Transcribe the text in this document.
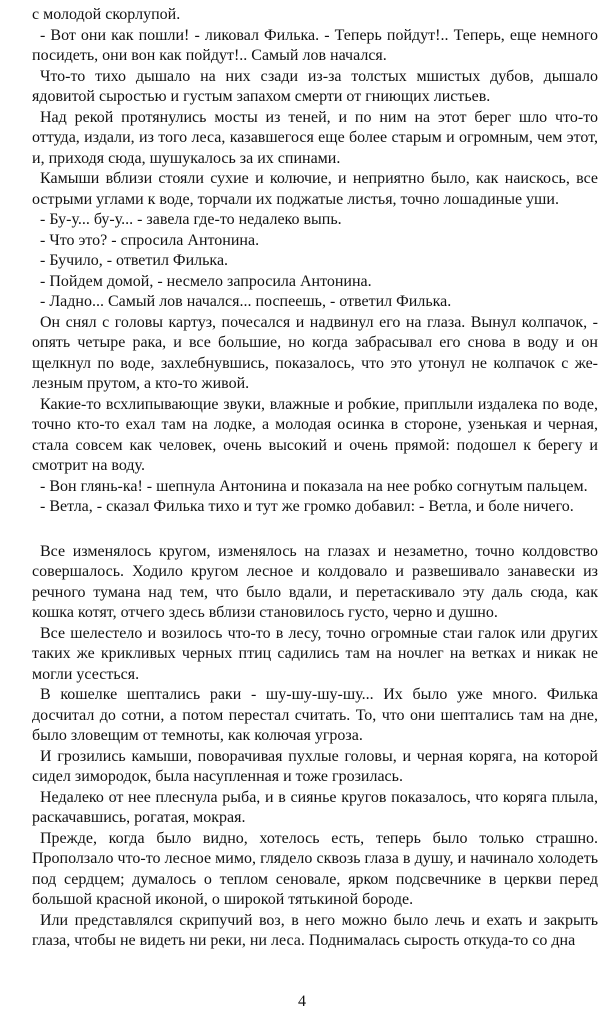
с молодой скорлупой.

- Вот они как пошли! - ликовал Филька. - Теперь пойдут!.. Теперь, еще немного посидеть, они вон как пойдут!.. Самый лов начался.

Что-то тихо дышало на них сзади из-за толстых мшистых дубов, дышало ядовитой сыростью и густым запахом смерти от гниющих листьев.

Над рекой протянулись мосты из теней, и по ним на этот берег шло что-то оттуда, издали, из того леса, казавшегося еще более старым и огромным, чем этот, и, приходя сюда, шушукалось за их спинами.

Камыши вблизи стояли сухие и колючие, и неприятно было, как наискось, все острыми углами к воде, торчали их поджатые листья, точно лошадиные уши.

- Бу-у... бу-у... - завела где-то недалеко выпь.

- Что это? - спросила Антонина.

- Бучило, - ответил Филька.

- Пойдем домой, - несмело запросила Антонина.

- Ладно... Самый лов начался... поспеешь, - ответил Филька.

Он снял с головы картуз, почесался и надвинул его на глаза. Вынул колпачок, - опять четыре рака, и все большие, но когда забрасывал его снова в воду и он щелкнул по воде, захлебнувшись, показалось, что это утонул не колпачок с железным прутом, а кто-то живой.

Какие-то всхлипывающие звуки, влажные и робкие, приплыли издалека по воде, точно кто-то ехал там на лодке, а молодая осинка в стороне, узенькая и черная, стала совсем как человек, очень высокий и очень прямой: подошел к берегу и смотрит на воду.

- Вон глянь-ка! - шепнула Антонина и показала на нее робко согнутым пальцем.

- Ветла, - сказал Филька тихо и тут же громко добавил: - Ветла, и боле ничего.

Все изменялось кругом, изменялось на глазах и незаметно, точно колдовство совершалось. Ходило кругом лесное и колдовало и развешивало занавески из речного тумана над тем, что было вдали, и перетаскивало эту даль сюда, как кошка котят, отчего здесь вблизи становилось густо, черно и душно.

Все шелестело и возилось что-то в лесу, точно огромные стаи галок или других таких же крикливых черных птиц садились там на ночлег на ветках и никак не могли усесться.

В кошелке шептались раки - шу-шу-шу-шу... Их было уже много. Филька досчитал до сотни, а потом перестал считать. То, что они шептались там на дне, было зловещим от темноты, как колючая угроза.

И грозились камыши, поворачивая пухлые головы, и черная коряга, на которой сидел зимородок, была насупленная и тоже грозилась.

Недалеко от нее плеснула рыба, и в сиянье кругов показалось, что коряга плыла, раскачавшись, рогатая, мокрая.

Прежде, когда было видно, хотелось есть, теперь было только страшно. Проползало что-то лесное мимо, глядело сквозь глаза в душу, и начинало холодеть под сердцем; думалось о теплом сеновале, ярком подсвечнике в церкви перед большой красной иконой, о широкой тятькиной бороде.

Или представлялся скрипучий воз, в него можно было лечь и ехать и закрыть глаза, чтобы не видеть ни реки, ни леса. Поднималась сырость откуда-то со дна

4
